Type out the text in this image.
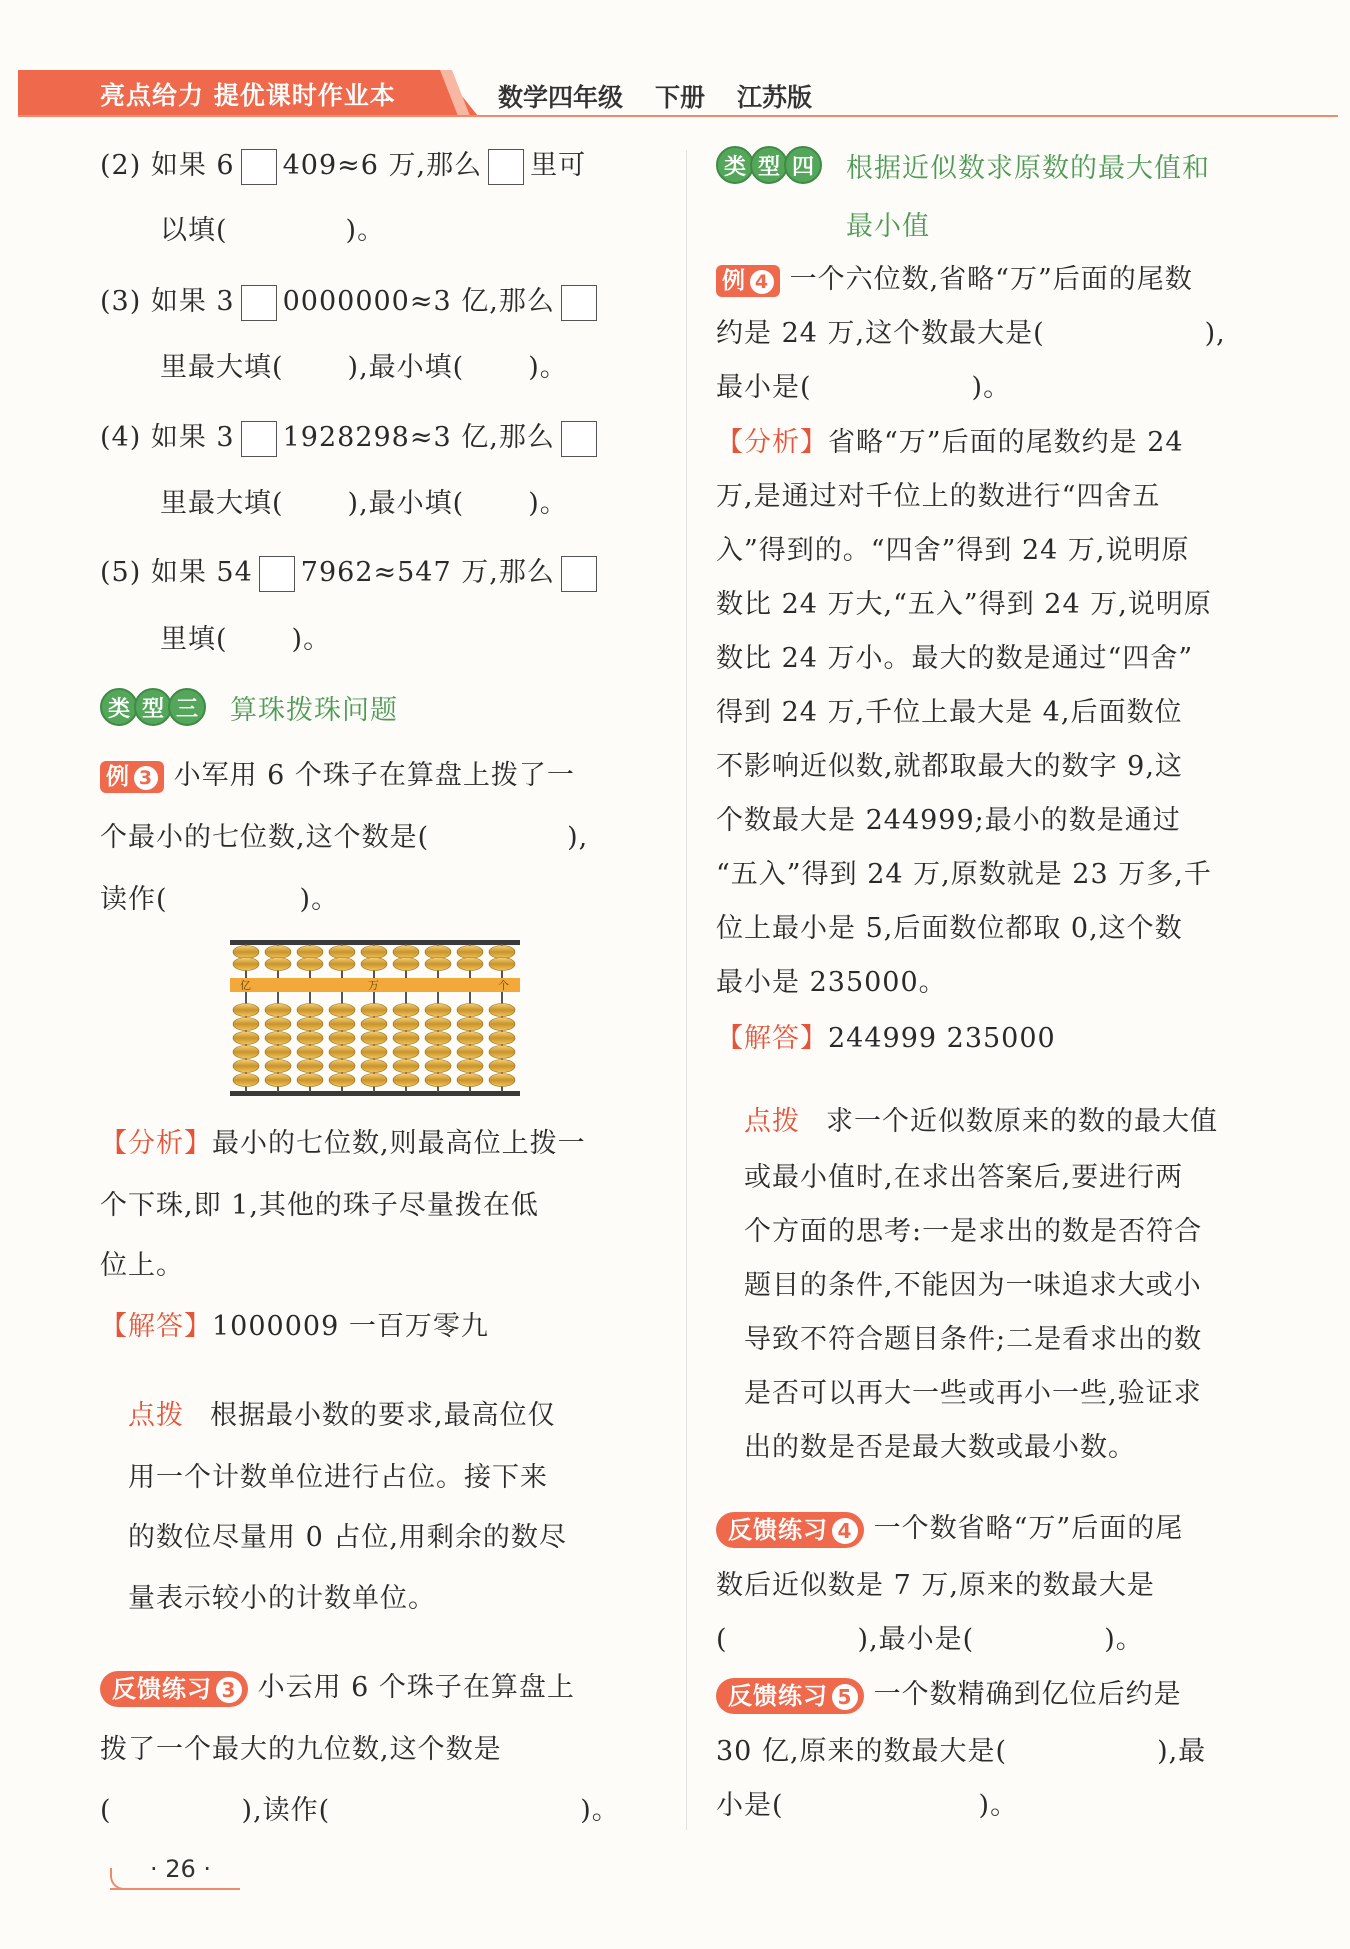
亮点给力 提优课时作业本	数学四年级 下册 江苏版
(2) 如果 6 409≈6 万,那么 里可
以填(	)。
(3) 如果 3 0000000≈3 亿,那么
里最大填( ),最小填( )。
(4) 如果 3 1928298≈3 亿,那么
里最大填( ),最小填( )。
(5) 如果 54 7962≈547 万,那么
里填( )。
类 型 三 算珠拨珠问题
例 3 小军用 6 个珠子在算盘上拨了一
个最小的七位数,这个数是(	),
读作(	)。
亿	万	个
【分析】最小的七位数,则最高位上拨一
个下珠,即 1,其他的珠子尽量拨在低
位上。
【解答】1000009 一百万零九
点拨 根据最小数的要求,最高位仅
用一个计数单位进行占位。接下来
的数位尽量用 0 占位,用剩余的数尽
量表示较小的计数单位。
反馈练习 3 小云用 6 个珠子在算盘上
拨了一个最大的九位数,这个数是
(	),读作(	)。
类 型 四 根据近似数求原数的最大值和
最小值
例 4 一个六位数,省略“万”后面的尾数
约是 24 万,这个数最大是(	),
最小是(	)。
【分析】省略“万”后面的尾数约是 24
万,是通过对千位上的数进行“四舍五
入”得到的。“四舍”得到 24 万,说明原
数比 24 万大,“五入”得到 24 万,说明原
数比 24 万小。最大的数是通过“四舍”
得到 24 万,千位上最大是 4,后面数位
不影响近似数,就都取最大的数字 9,这
个数最大是 244999;最小的数是通过
“五入”得到 24 万,原数就是 23 万多,千
位上最小是 5,后面数位都取 0,这个数
最小是 235000。
【解答】244999 235000
点拨 求一个近似数原来的数的最大值
或最小值时,在求出答案后,要进行两
个方面的思考:一是求出的数是否符合
题目的条件,不能因为一味追求大或小
导致不符合题目条件;二是看求出的数
是否可以再大一些或再小一些,验证求
出的数是否是最大数或最小数。
反馈练习 4 一个数省略“万”后面的尾
数后近似数是 7 万,原来的数最大是
(	),最小是(	)。
反馈练习 5 一个数精确到亿位后约是
30 亿,原来的数最大是(	),最
小是(	)。
· 26 ·
